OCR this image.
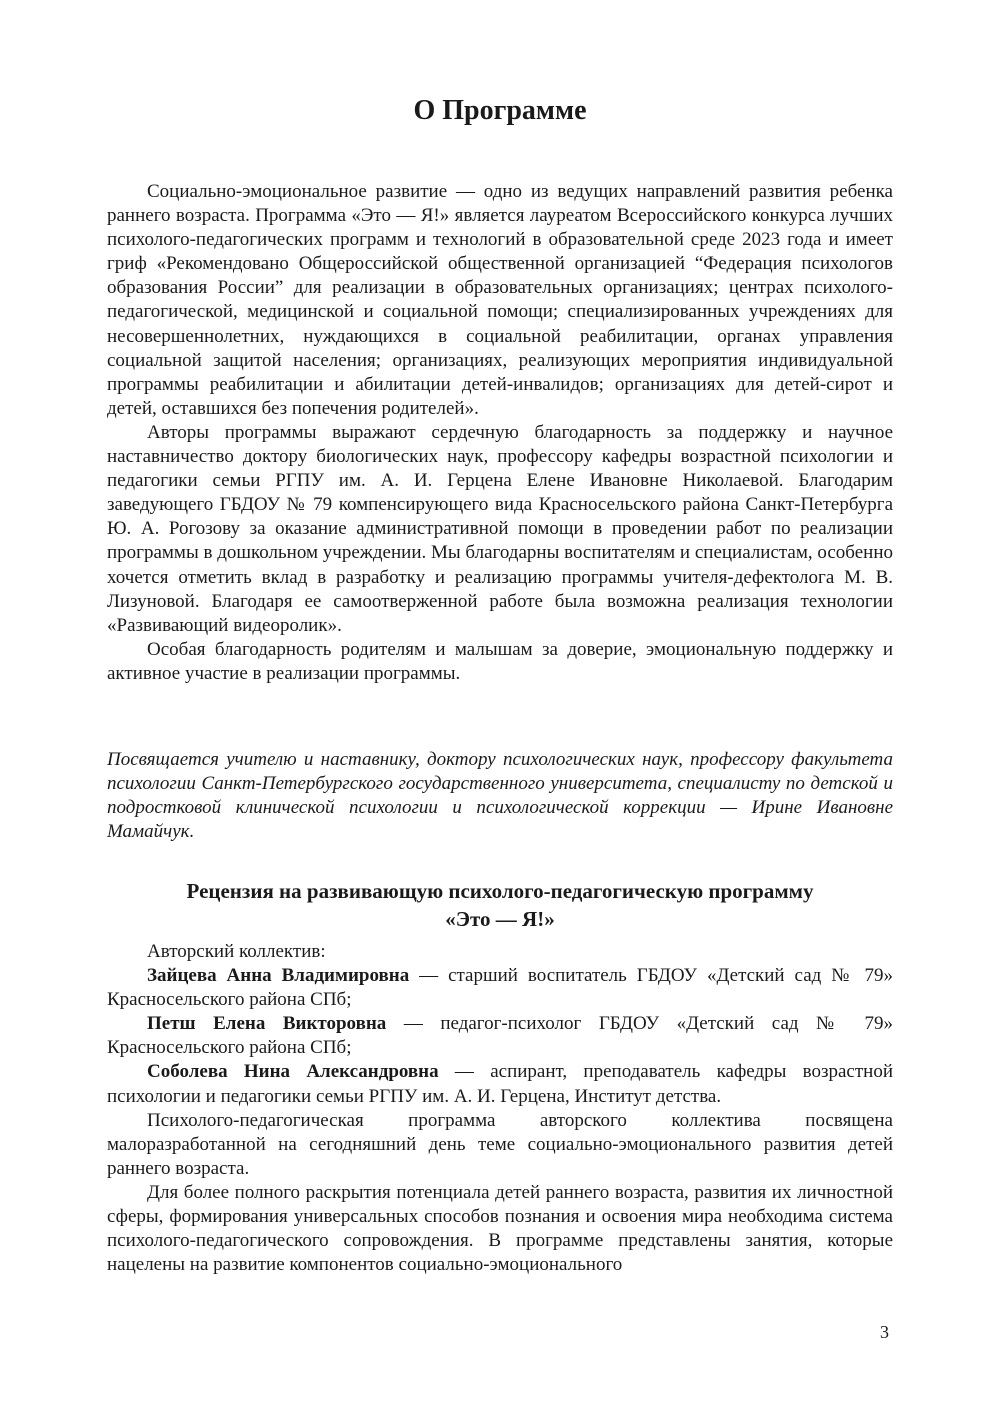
О Программе

Социально-эмоциональное развитие — одно из ведущих направлений развития ребенка раннего возраста. Программа «Это — Я!» является лауреатом Всероссийского конкурса лучших психолого-педагогических программ и технологий в образовательной среде 2023 года и имеет гриф «Рекомендовано Общероссийской общественной организацией “Федерация психологов образования России” для реализации в образовательных организациях; центрах психолого-педагогической, медицинской и социальной помощи; специализированных учреждениях для несовершеннолетних, нуждающихся в социальной реабилитации, органах управления социальной защитой населения; организациях, реализующих мероприятия индивидуальной программы реабилитации и абилитации детей-инвалидов; организациях для детей-сирот и детей, оставшихся без попечения родителей».

Авторы программы выражают сердечную благодарность за поддержку и научное наставничество доктору биологических наук, профессору кафедры возрастной психологии и педагогики семьи РГПУ им. А. И. Герцена Елене Ивановне Николаевой. Благодарим заведующего ГБДОУ № 79 компенсирующего вида Красносельского района Санкт-Петербурга Ю. А. Рогозову за оказание административной помощи в проведении работ по реализации программы в дошкольном учреждении. Мы благодарны воспитателям и специалистам, особенно хочется отметить вклад в разработку и реализацию программы учителя-дефектолога М. В. Лизуновой. Благодаря ее самоотверженной работе была возможна реализация технологии «Развивающий видеоролик».

Особая благодарность родителям и малышам за доверие, эмоциональную поддержку и активное участие в реализации программы.

Посвящается учителю и наставнику, доктору психологических наук, профессору факультета психологии Санкт-Петербургского государственного университета, специалисту по детской и подростковой клинической психологии и психологической коррекции — Ирине Ивановне Мамайчук.

Рецензия на развивающую психолого-педагогическую программу
«Это — Я!»

Авторский коллектив:

Зайцева Анна Владимировна — старший воспитатель ГБДОУ «Детский сад № 79» Красносельского района СПб;

Петш Елена Викторовна — педагог-психолог ГБДОУ «Детский сад № 79» Красносельского района СПб;

Соболева Нина Александровна — аспирант, преподаватель кафедры возрастной психологии и педагогики семьи РГПУ им. А. И. Герцена, Институт детства.

Психолого-педагогическая программа авторского коллектива посвящена малоразработанной на сегодняшний день теме социально-эмоционального развития детей раннего возраста.

Для более полного раскрытия потенциала детей раннего возраста, развития их личностной сферы, формирования универсальных способов познания и освоения мира необходима система психолого-педагогического сопровождения. В программе представлены занятия, которые нацелены на развитие компонентов социально-эмоционального

3
